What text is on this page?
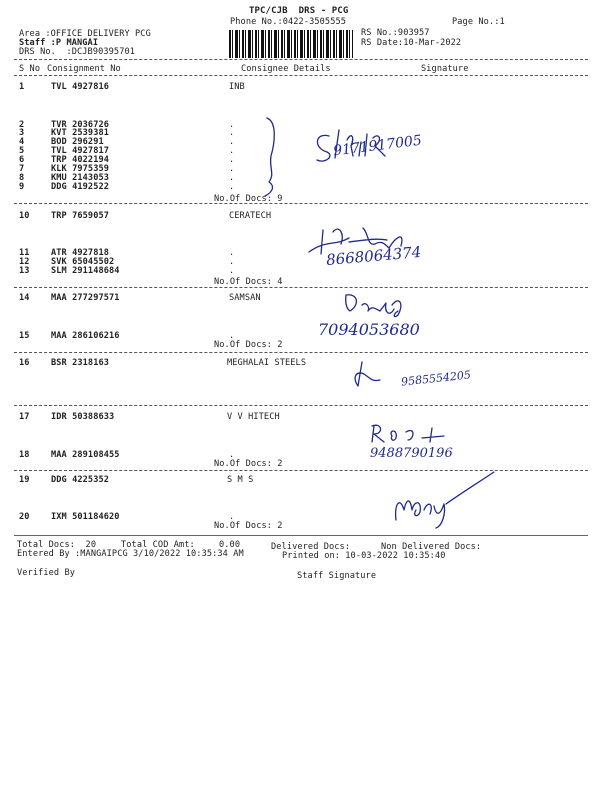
TPC/CJB  DRS - PCG
Phone No.:0422-3505555	Page No.:1
Area :OFFICE DELIVERY PCG
Staff :P MANGAI
DRS No.  :DCJB90395701
RS No.:903957
RS Date:10-Mar-2022
S No Consignment No	Consignee Details	Signature
1	TVL 4927816	INB
2	TVR 2036726	.
3	KVT 2539381	.
4	BOD 296291	.
5	TVL 4927817	.
6	TRP 4022194	.
7	KLK 7975359	.
8	KMU 2143053	.
9	DDG 4192522	.
No.Of Docs: 9
9171917005
10 TRP 7659057	CERATECH
11 ATR 4927818	.
12 SVK 65045502	.
13 SLM 291148684	.
No.Of Docs: 4
8668064374
14 MAA 277297571	SAMSAN
15 MAA 286106216	.
No.Of Docs: 2
7094053680
16 BSR 2318163	MEGHALAI STEELS
9585554205
17 IDR 50388633	V V HITECH
18 MAA 289108455	.
No.Of Docs: 2
9488790196
19 DDG 4225352	S M S
20 IXM 501184620	.
No.Of Docs: 2
Total Docs:  20	Total COD Amt:	0.00	Delivered Docs:	Non Delivered Docs:
Entered By :MANGAIPCG 3/10/2022 10:35:34 AM	Printed on: 10-03-2022 10:35:40
Verified By	Staff Signature
